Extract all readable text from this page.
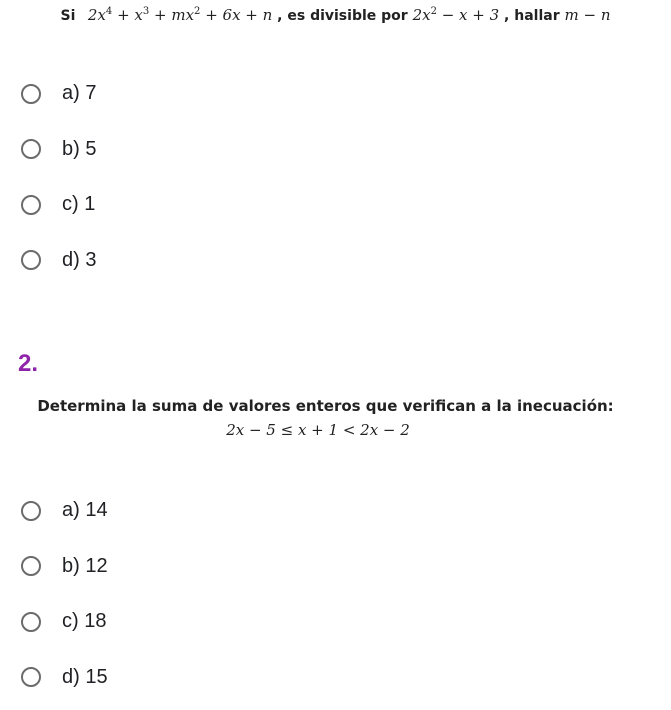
Si $2x^4 + x^3 + mx^2 + 6x + n$ , es divisible por $2x^2 - x + 3$ , hallar m − n
a) 7
b) 5
c) 1
d) 3
2.
Determina la suma de valores enteros que verifican a la inecuación:
2x − 5 ≤ x + 1 < 2x − 2
a) 14
b) 12
c) 18
d) 15
